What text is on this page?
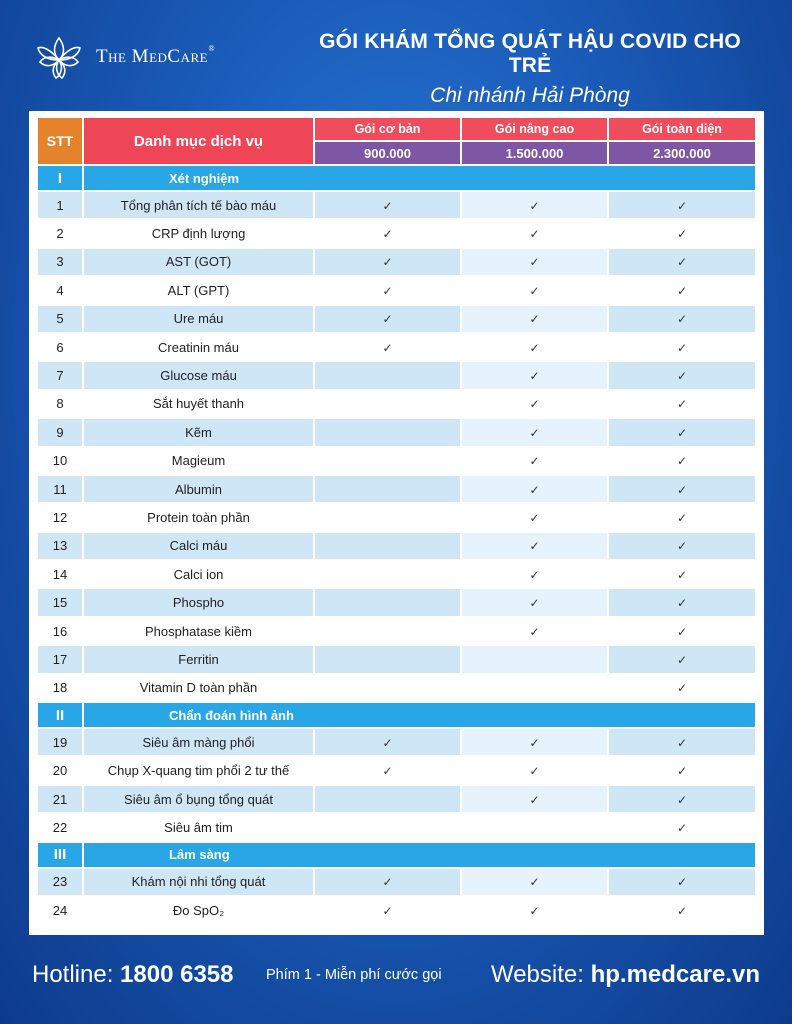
The MedCare ®	GÓI KHÁM TỔNG QUÁT HẬU COVID CHO TRẺ
Chi nhánh Hải Phòng
STT	Danh mục dịch vụ	Gói cơ bản	Gói nâng cao	Gói toàn diện
		900.000	1.500.000	2.300.000
I	Xét nghiệm			
1	Tổng phân tích tế bào máu	✓	✓	✓
2	CRP định lượng	✓	✓	✓
3	AST (GOT)	✓	✓	✓
4	ALT (GPT)	✓	✓	✓
5	Ure máu	✓	✓	✓
6	Creatinin máu	✓	✓	✓
7	Glucose máu		✓	✓
8	Sắt huyết thanh		✓	✓
9	Kẽm		✓	✓
10	Magieum		✓	✓
11	Albumin		✓	✓
12	Protein toàn phần		✓	✓
13	Calci máu		✓	✓
14	Calci ion		✓	✓
15	Phospho		✓	✓
16	Phosphatase kiềm		✓	✓
17	Ferritin			✓
18	Vitamin D toàn phần			✓
II	Chẩn đoán hình ảnh			
19	Siêu âm màng phổi	✓	✓	✓
20	Chụp X-quang tim phổi 2 tư thế	✓	✓	✓
21	Siêu âm ổ bụng tổng quát		✓	✓
22	Siêu âm tim			✓
III	Lâm sàng			
23	Khám nội nhi tổng quát	✓	✓	✓
24	Đo SpO₂	✓	✓	✓
Hotline: 1800 6358 Phím 1 - Miễn phí cước gọi Website: hp.medcare.vn
